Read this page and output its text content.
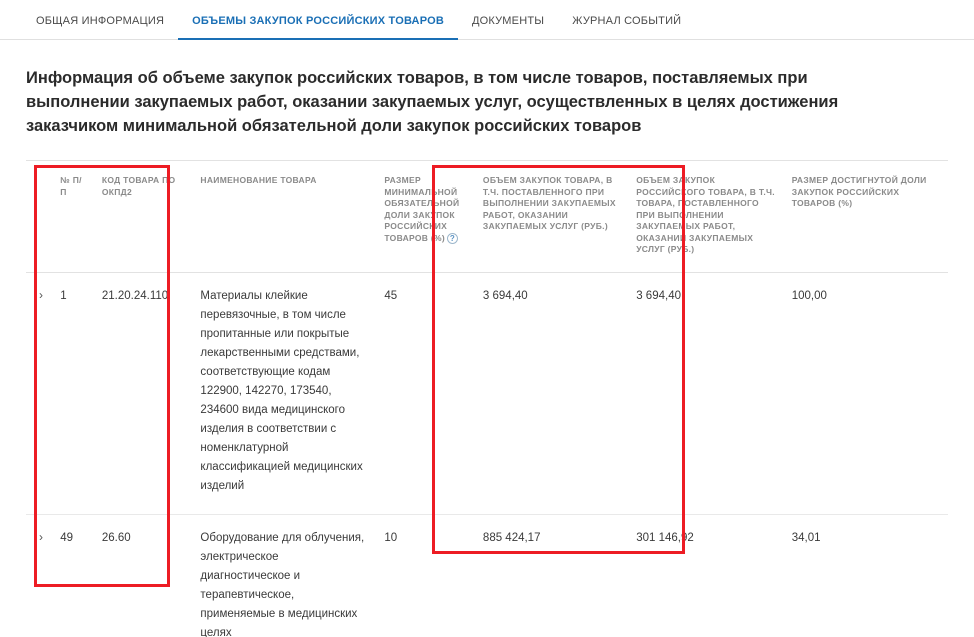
ОБЩАЯ ИНФОРМАЦИЯ	ОБЪЕМЫ ЗАКУПОК РОССИЙСКИХ ТОВАРОВ	ДОКУМЕНТЫ	ЖУРНАЛ СОБЫТИЙ
Информация об объеме закупок российских товаров, в том числе товаров, поставляемых при выполнении закупаемых работ, оказании закупаемых услуг, осуществленных в целях достижения заказчиком минимальной обязательной доли закупок российских товаров
	№ П/П	КОД ТОВАРА ПО ОКПД2	НАИМЕНОВАНИЕ ТОВАРА	РАЗМЕР МИНИМАЛЬНОЙ ОБЯЗАТЕЛЬНОЙ ДОЛИ ЗАКУПОК РОССИЙСКИХ ТОВАРОВ (%) ?	ОБЪЕМ ЗАКУПОК ТОВАРА, В Т.Ч. ПОСТАВЛЕННОГО ПРИ ВЫПОЛНЕНИИ ЗАКУПАЕМЫХ РАБОТ, ОКАЗАНИИ ЗАКУПАЕМЫХ УСЛУГ (РУБ.)	ОБЪЕМ ЗАКУПОК РОССИЙСКОГО ТОВАРА, В Т.Ч. ТОВАРА, ПОСТАВЛЕННОГО ПРИ ВЫПОЛНЕНИИ ЗАКУПАЕМЫХ РАБОТ, ОКАЗАНИИ ЗАКУПАЕМЫХ УСЛУГ (РУБ.)	РАЗМЕР ДОСТИГНУТОЙ ДОЛИ ЗАКУПОК РОССИЙСКИХ ТОВАРОВ (%)
›	1	21.20.24.110	Материалы клейкие перевязочные, в том числе пропитанные или покрытые лекарственными средствами, соответствующие кодам 122900, 142270, 173540, 234600 вида медицинского изделия в соответствии с номенклатурной классификацией медицинских изделий	45	3 694,40	3 694,40	100,00
›	49	26.60	Оборудование для облучения, электрическое диагностическое и терапевтическое, применяемые в медицинских целях	10	885 424,17	301 146,92	34,01
